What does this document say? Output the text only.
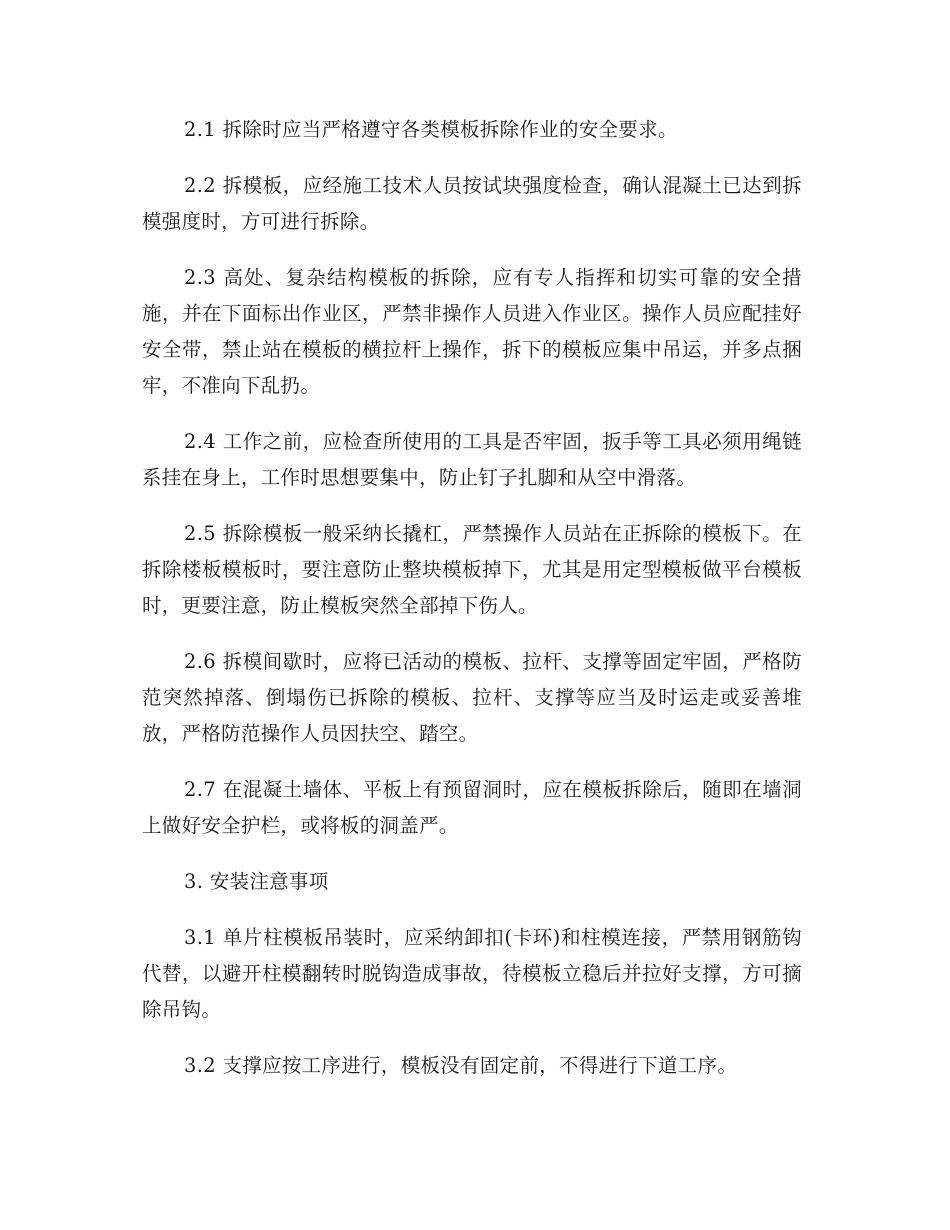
2.1 拆除时应当严格遵守各类模板拆除作业的安全要求。

2.2 拆模板，应经施工技术人员按试块强度检查，确认混凝土已达到拆模强度时，方可进行拆除。

2.3 高处、复杂结构模板的拆除，应有专人指挥和切实可靠的安全措施，并在下面标出作业区，严禁非操作人员进入作业区。操作人员应配挂好安全带，禁止站在模板的横拉杆上操作，拆下的模板应集中吊运，并多点捆牢，不准向下乱扔。

2.4 工作之前，应检查所使用的工具是否牢固，扳手等工具必须用绳链系挂在身上，工作时思想要集中，防止钉子扎脚和从空中滑落。

2.5 拆除模板一般采纳长撬杠，严禁操作人员站在正拆除的模板下。在拆除楼板模板时，要注意防止整块模板掉下，尤其是用定型模板做平台模板时，更要注意，防止模板突然全部掉下伤人。

2.6 拆模间歇时，应将已活动的模板、拉杆、支撑等固定牢固，严格防范突然掉落、倒塌伤已拆除的模板、拉杆、支撑等应当及时运走或妥善堆放，严格防范操作人员因扶空、踏空。

2.7 在混凝土墙体、平板上有预留洞时，应在模板拆除后，随即在墙洞上做好安全护栏，或将板的洞盖严。

3. 安装注意事项

3.1 单片柱模板吊装时，应采纳卸扣(卡环)和柱模连接，严禁用钢筋钩代替，以避开柱模翻转时脱钩造成事故，待模板立稳后并拉好支撑，方可摘除吊钩。

3.2 支撑应按工序进行，模板没有固定前，不得进行下道工序。
